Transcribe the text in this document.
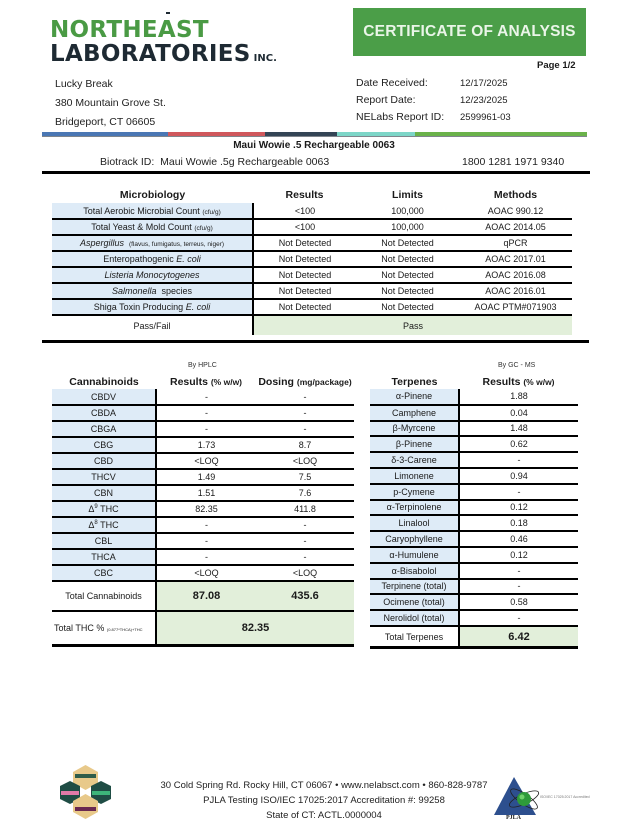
NORTHEAST
LABORATORIES INC.
CERTIFICATE OF ANALYSIS
Page 1/2
Lucky Break
380 Mountain Grove St.
Bridgeport, CT 06605
Date Received:	12/17/2025
Report Date:	12/23/2025
NELabs Report ID:	2599961-03
Maui Wowie .5 Rechargeable 0063
Biotrack ID: Maui Wowie .5g Rechargeable 0063	1800 1281 1971 9340
Microbiology	Results	Limits	Methods
Total Aerobic Microbial Count (cfu/g)	<100	100,000	AOAC 990.12
Total Yeast & Mold Count (cfu/g)	<100	100,000	AOAC 2014.05
Aspergillus (flavus, fumigatus, terreus, niger)	Not Detected	Not Detected	qPCR
Enteropathogenic E. coli	Not Detected	Not Detected	AOAC 2017.01
Listeria Monocytogenes	Not Detected	Not Detected	AOAC 2016.08
Salmonella species	Not Detected	Not Detected	AOAC 2016.01
Shiga Toxin Producing E. coli	Not Detected	Not Detected	AOAC PTM#071903
Pass/Fail	Pass		
By HPLC
Cannabinoids	Results (% w/w)	Dosing (mg/package)
CBDV	-	-
CBDA	-	-
CBGA	-	-
CBG	1.73	8.7
CBD	<LOQ	<LOQ
THCV	1.49	7.5
CBN	1.51	7.6
$\Delta^9$ THC	82.35	411.8
$\Delta^8$ THC	-	-
CBL	-	-
THCA	-	-
CBC	<LOQ	<LOQ
Total Cannabinoids	87.08	435.6
Total THC % (0.877*THCA)+THC	82.35	
By GC - MS
Terpenes	Results (% w/w)
α-Pinene	1.88
Camphene	0.04
β-Myrcene	1.48
β-Pinene	0.62
δ-3-Carene	-
Limonene	0.94
p-Cymene	-
α-Terpinolene	0.12
Linalool	0.18
Caryophyllene	0.46
α-Humulene	0.12
α-Bisabolol	-
Terpinene (total)	-
Ocimene (total)	0.58
Nerolidol (total)	-
Total Terpenes	6.42
30 Cold Spring Rd. Rocky Hill, CT 06067 • www.nelabsct.com • 860-828-9787
PJLA Testing ISO/IEC 17025:2017 Accreditation #: 99258
State of CT: ACTL.0000004	PJLA
ISO/IEC 17025:2017 Accredited
